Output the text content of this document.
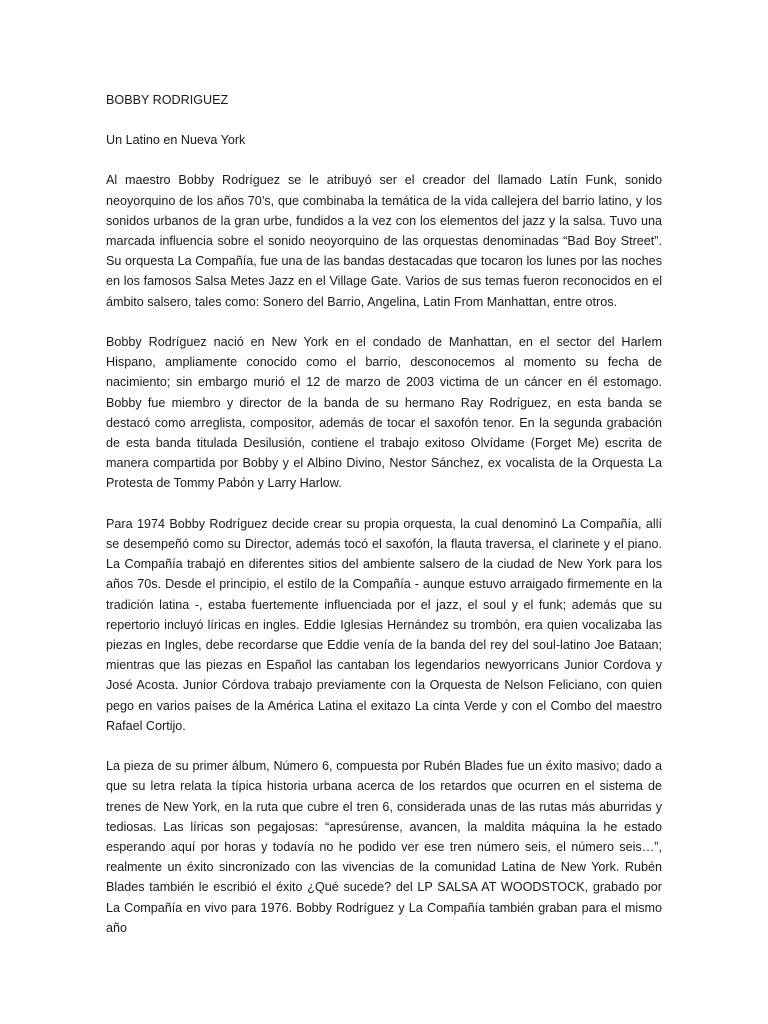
BOBBY RODRIGUEZ
Un Latino en Nueva York

Al maestro Bobby Rodríguez se le atribuyó ser el creador del llamado Latín Funk, sonido neoyorquino de los años 70’s, que combinaba la temática de la vida callejera del barrio latino, y los sonidos urbanos de la gran urbe, fundidos a la vez con los elementos del jazz y la salsa. Tuvo una marcada influencia sobre el sonido neoyorquino de las orquestas denominadas “Bad Boy Street”. Su orquesta La Compañía, fue una de las bandas destacadas que tocaron los lunes por las noches en los famosos Salsa Metes Jazz en el Village Gate. Varios de sus temas fueron reconocidos en el ámbito salsero, tales como: Sonero del Barrio, Angelina, Latin From Manhattan, entre otros.

Bobby Rodríguez nació en New York en el condado de Manhattan, en el sector del Harlem Hispano, ampliamente conocido como el barrio, desconocemos al momento su fecha de nacimiento; sin embargo murió el 12 de marzo de 2003 victima de un cáncer en él estomago. Bobby fue miembro y director de la banda de su hermano Ray Rodríguez, en esta banda se destacó como arreglista, compositor, además de tocar el saxofón tenor. En la segunda grabación de esta banda titulada Desilusión, contiene el trabajo exitoso Olvídame (Forget Me) escrita de manera compartida por Bobby y el Albino Divino, Nestor Sánchez, ex vocalista de la Orquesta La Protesta de Tommy Pabón y Larry Harlow.

Para 1974 Bobby Rodríguez decide crear su propia orquesta, la cual denominó La Compañía, allí se desempeñó como su Director, además tocó el saxofón, la flauta traversa, el clarinete y el piano. La Compañía trabajó en diferentes sitios del ambiente salsero de la ciudad de New York para los años 70s. Desde el principio, el estilo de la Compañía - aunque estuvo arraigado firmemente en la tradición latina -, estaba fuertemente influenciada por el jazz, el soul y el funk; además que su repertorio incluyó líricas en ingles. Eddie Iglesias Hernández su trombón, era quien vocalizaba las piezas en Ingles, debe recordarse que Eddie venía de la banda del rey del soul-latino Joe Bataan; mientras que las piezas en Español las cantaban los legendarios newyorricans Junior Cordova y José Acosta. Junior Córdova trabajo previamente con la Orquesta de Nelson Feliciano, con quien pego en varios países de la América Latina el exitazo La cinta Verde y con el Combo del maestro Rafael Cortijo.

La pieza de su primer álbum, Número 6, compuesta por Rubén Blades fue un éxito masivo; dado a que su letra relata la típica historia urbana acerca de los retardos que ocurren en el sistema de trenes de New York, en la ruta que cubre el tren 6, considerada unas de las rutas más aburridas y tediosas. Las líricas son pegajosas: “apresúrense, avancen, la maldita máquina la he estado esperando aquí por horas y todavía no he podido ver ese tren número seis, el número seis…”, realmente un éxito sincronizado con las vivencias de la comunidad Latina de New York. Rubén Blades también le escribió el éxito ¿Qué sucede? del LP SALSA AT WOODSTOCK, grabado por La Compañía en vivo para 1976. Bobby Rodríguez y La Compañía también graban para el mismo año
